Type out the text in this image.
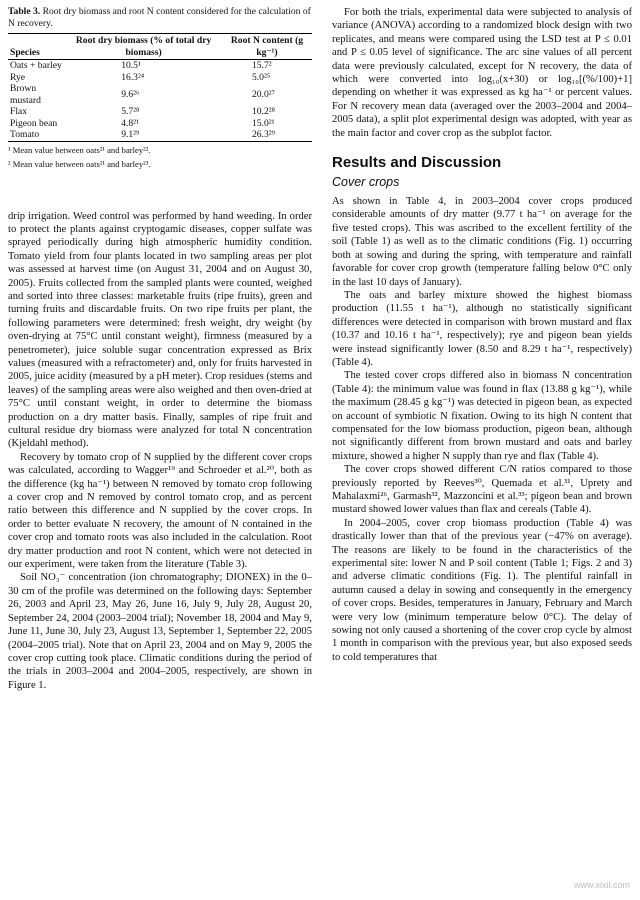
Table 3. Root dry biomass and root N content considered for the calculation of N recovery.
Species	Root dry biomass (% of total dry biomass)	Root N content (g kg⁻¹)
Oats + barley	10.5¹	15.7²
Rye	16.3²⁴	5.0²⁵
Brown mustard	9.6²⁶	20.0²⁷
Flax	5.7²⁸	10.2²⁸
Pigeon bean	4.8²¹	15.0²¹
Tomato	9.1²⁹	26.3²⁹
¹ Mean value between oats²¹ and barley²².
² Mean value between oats²¹ and barley²³.

drip irrigation. Weed control was performed by hand weeding. In order to protect the plants against cryptogamic diseases, copper sulfate was sprayed periodically during high atmospheric humidity condition. Tomato yield from four plants located in two sampling areas per plot was assessed at harvest time (on August 31, 2004 and on August 30, 2005). Fruits collected from the sampled plants were counted, weighed and sorted into three classes: marketable fruits (ripe fruits), green and turning fruits and discardable fruits. On two ripe fruits per plant, the following parameters were determined: fresh weight, dry weight (by oven-drying at 75°C until constant weight), firmness (measured by a penetrometer), juice soluble sugar concentration expressed as Brix values (measured with a refractometer) and, only for fruits harvested in 2005, juice acidity (measured by a pH meter). Crop residues (stems and leaves) of the sampling areas were also weighed and then oven-dried at 75°C until constant weight, in order to determine the biomass production on a dry matter basis. Finally, samples of ripe fruit and cultural residue dry biomass were analyzed for total N concentration (Kjeldahl method).

Recovery by tomato crop of N supplied by the different cover crops was calculated, according to Wagger¹⁹ and Schroeder et al.²⁰, both as the difference (kg ha⁻¹) between N removed by tomato crop following a cover crop and N removed by control tomato crop, and as percent ratio between this difference and N supplied by the cover crops. In order to better evaluate N recovery, the amount of N contained in the cover crop and tomato roots was also included in the calculation. Root dry matter production and root N content, which were not detected in our experiment, were taken from the literature (Table 3).

Soil NO₃⁻ concentration (ion chromatography; DIONEX) in the 0–30 cm of the profile was determined on the following days: September 26, 2003 and April 23, May 26, June 16, July 9, July 28, August 20, September 24, 2004 (2003–2004 trial); November 18, 2004 and May 9, June 11, June 30, July 23, August 13, September 1, September 22, 2005 (2004–2005 trial). Note that on April 23, 2004 and on May 9, 2005 the cover crop cutting took place. Climatic conditions during the period of the trials in 2003–2004 and 2004–2005, respectively, are shown in Figure 1.

For both the trials, experimental data were subjected to analysis of variance (ANOVA) according to a randomized block design with two replicates, and means were compared using the LSD test at P ≤ 0.01 and P ≤ 0.05 level of significance. The arc sine values of all percent data were previously calculated, except for N recovery, the data of which were converted into log₁₀(x+30) or log₁₀[(%/100)+1] depending on whether it was expressed as kg ha⁻¹ or percent values. For N recovery mean data (averaged over the 2003–2004 and 2004–2005 data), a split plot experimental design was adopted, with year as the main factor and cover crop as the subplot factor.

Results and Discussion
Cover crops

As shown in Table 4, in 2003–2004 cover crops produced considerable amounts of dry matter (9.77 t ha⁻¹ on average for the five tested crops). This was ascribed to the excellent fertility of the soil (Table 1) as well as to the climatic conditions (Fig. 1) occurring both at sowing and during the spring, with temperature and rainfall favorable for cover crop growth (temperature falling below 0°C only in the last 10 days of January).

The oats and barley mixture showed the highest biomass production (11.55 t ha⁻¹), although no statistically significant differences were detected in comparison with brown mustard and flax (10.37 and 10.16 t ha⁻¹, respectively); rye and pigeon bean yields were instead significantly lower (8.50 and 8.29 t ha⁻¹, respectively) (Table 4).

The tested cover crops differed also in biomass N concentration (Table 4): the minimum value was found in flax (13.88 g kg⁻¹), while the maximum (28.45 g kg⁻¹) was detected in pigeon bean, as expected on account of symbiotic N fixation. Owing to its high N content that compensated for the low biomass production, pigeon bean, although not significantly different from brown mustard and oats and barley mixture, showed a higher N supply than rye and flax (Table 4).

The cover crops showed different C/N ratios compared to those previously reported by Reeves³⁰, Quemada et al.³¹, Uprety and Mahalaxmi²⁶, Garmash³², Mazzoncini et al.³³; pigeon bean and brown mustard showed lower values than flax and cereals (Table 4).

In 2004–2005, cover crop biomass production (Table 4) was drastically lower than that of the previous year (−47% on average). The reasons are likely to be found in the characteristics of the experimental site: lower N and P soil content (Table 1; Figs. 2 and 3) and adverse climatic conditions (Fig. 1). The plentiful rainfall in autumn caused a delay in sowing and consequently in the emergency of cover crops. Besides, temperatures in January, February and March were very low (minimum temperature below 0°C). The delay of sowing not only caused a shortening of the cover crop cycle by almost 1 month in comparison with the previous year, but also exposed seeds to cold temperatures that

www.xixil.com
